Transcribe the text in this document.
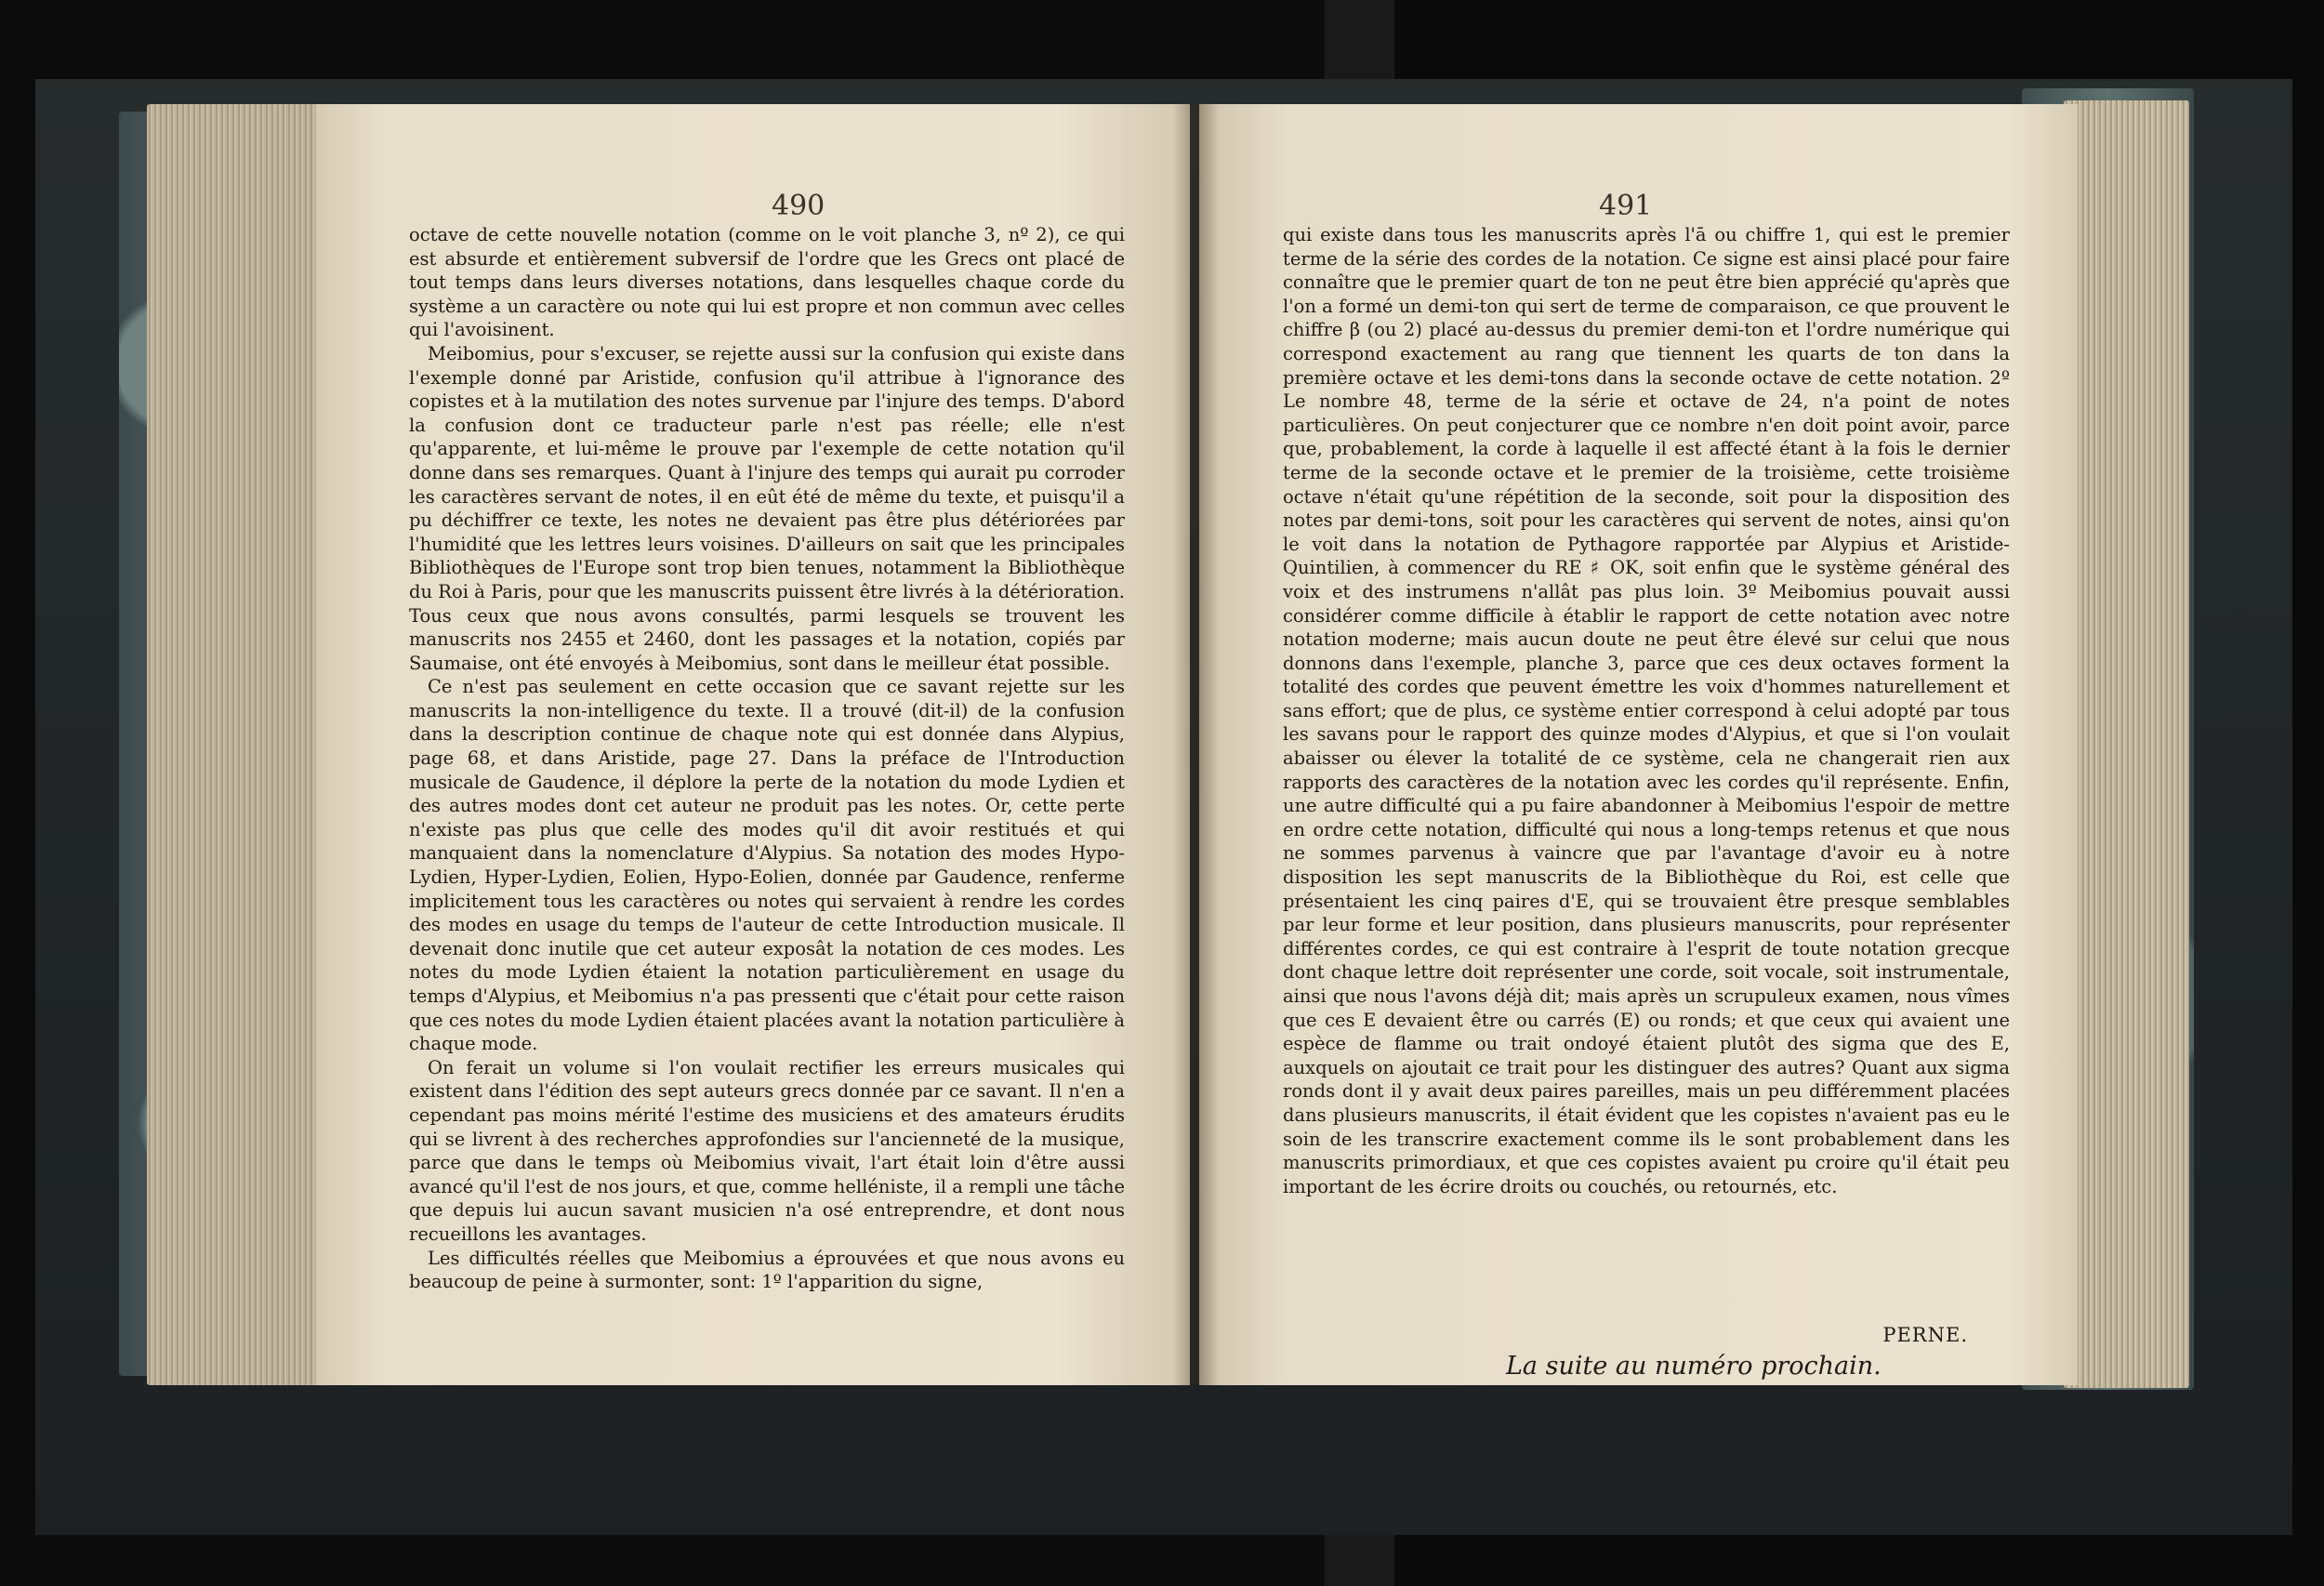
490

octave de cette nouvelle notation (comme on le voit planche 3, nº 2), ce qui est absurde et entièrement subversif de l'ordre que les Grecs ont placé de tout temps dans leurs diverses notations, dans lesquelles chaque corde du système a un caractère ou note qui lui est propre et non commun avec celles qui l'avoisinent.

Meibomius, pour s'excuser, se rejette aussi sur la confusion qui existe dans l'exemple donné par Aristide, confusion qu'il attribue à l'ignorance des copistes et à la mutilation des notes survenue par l'injure des temps. D'abord la confusion dont ce traducteur parle n'est pas réelle; elle n'est qu'apparente, et lui-même le prouve par l'exemple de cette notation qu'il donne dans ses remarques. Quant à l'injure des temps qui aurait pu corroder les caractères servant de notes, il en eût été de même du texte, et puisqu'il a pu déchiffrer ce texte, les notes ne devaient pas être plus détériorées par l'humidité que les lettres leurs voisines. D'ailleurs on sait que les principales Bibliothèques de l'Europe sont trop bien tenues, notamment la Bibliothèque du Roi à Paris, pour que les manuscrits puissent être livrés à la détérioration. Tous ceux que nous avons consultés, parmi lesquels se trouvent les manuscrits nos 2455 et 2460, dont les passages et la notation, copiés par Saumaise, ont été envoyés à Meibomius, sont dans le meilleur état possible.

Ce n'est pas seulement en cette occasion que ce savant rejette sur les manuscrits la non-intelligence du texte. Il a trouvé (dit-il) de la confusion dans la description continue de chaque note qui est donnée dans Alypius, page 68, et dans Aristide, page 27. Dans la préface de l'Introduction musicale de Gaudence, il déplore la perte de la notation du mode Lydien et des autres modes dont cet auteur ne produit pas les notes. Or, cette perte n'existe pas plus que celle des modes qu'il dit avoir restitués et qui manquaient dans la nomenclature d'Alypius. Sa notation des modes Hypo-Lydien, Hyper-Lydien, Eolien, Hypo-Eolien, donnée par Gaudence, renferme implicitement tous les caractères ou notes qui servaient à rendre les cordes des modes en usage du temps de l'auteur de cette Introduction musicale. Il devenait donc inutile que cet auteur exposât la notation de ces modes. Les notes du mode Lydien étaient la notation particulièrement en usage du temps d'Alypius, et Meibomius n'a pas pressenti que c'était pour cette raison que ces notes du mode Lydien étaient placées avant la notation particulière à chaque mode.

On ferait un volume si l'on voulait rectifier les erreurs musicales qui existent dans l'édition des sept auteurs grecs donnée par ce savant. Il n'en a cependant pas moins mérité l'estime des musiciens et des amateurs érudits qui se livrent à des recherches approfondies sur l'ancienneté de la musique, parce que dans le temps où Meibomius vivait, l'art était loin d'être aussi avancé qu'il l'est de nos jours, et que, comme helléniste, il a rempli une tâche que depuis lui aucun savant musicien n'a osé entreprendre, et dont nous recueillons les avantages.

Les difficultés réelles que Meibomius a éprouvées et que nous avons eu beaucoup de peine à surmonter, sont: 1º l'apparition du signe,

491

qui existe dans tous les manuscrits après l'ā ou chiffre 1, qui est le premier terme de la série des cordes de la notation. Ce signe est ainsi placé pour faire connaître que le premier quart de ton ne peut être bien apprécié qu'après que l'on a formé un demi-ton qui sert de terme de comparaison, ce que prouvent le chiffre β (ou 2) placé au-dessus du premier demi-ton et l'ordre numérique qui correspond exactement au rang que tiennent les quarts de ton dans la première octave et les demi-tons dans la seconde octave de cette notation. 2º Le nombre 48, terme de la série et octave de 24, n'a point de notes particulières. On peut conjecturer que ce nombre n'en doit point avoir, parce que, probablement, la corde à laquelle il est affecté étant à la fois le dernier terme de la seconde octave et le premier de la troisième, cette troisième octave n'était qu'une répétition de la seconde, soit pour la disposition des notes par demi-tons, soit pour les caractères qui servent de notes, ainsi qu'on le voit dans la notation de Pythagore rapportée par Alypius et Aristide-Quintilien, à commencer du RE ♯ OK, soit enfin que le système général des voix et des instrumens n'allât pas plus loin. 3º Meibomius pouvait aussi considérer comme difficile à établir le rapport de cette notation avec notre notation moderne; mais aucun doute ne peut être élevé sur celui que nous donnons dans l'exemple, planche 3, parce que ces deux octaves forment la totalité des cordes que peuvent émettre les voix d'hommes naturellement et sans effort; que de plus, ce système entier correspond à celui adopté par tous les savans pour le rapport des quinze modes d'Alypius, et que si l'on voulait abaisser ou élever la totalité de ce système, cela ne changerait rien aux rapports des caractères de la notation avec les cordes qu'il représente. Enfin, une autre difficulté qui a pu faire abandonner à Meibomius l'espoir de mettre en ordre cette notation, difficulté qui nous a long-temps retenus et que nous ne sommes parvenus à vaincre que par l'avantage d'avoir eu à notre disposition les sept manuscrits de la Bibliothèque du Roi, est celle que présentaient les cinq paires d'E, qui se trouvaient être presque semblables par leur forme et leur position, dans plusieurs manuscrits, pour représenter différentes cordes, ce qui est contraire à l'esprit de toute notation grecque dont chaque lettre doit représenter une corde, soit vocale, soit instrumentale, ainsi que nous l'avons déjà dit; mais après un scrupuleux examen, nous vîmes que ces E devaient être ou carrés (E) ou ronds; et que ceux qui avaient une espèce de flamme ou trait ondoyé étaient plutôt des sigma que des E, auxquels on ajoutait ce trait pour les distinguer des autres? Quant aux sigma ronds dont il y avait deux paires pareilles, mais un peu différemment placées dans plusieurs manuscrits, il était évident que les copistes n'avaient pas eu le soin de les transcrire exactement comme ils le sont probablement dans les manuscrits primordiaux, et que ces copistes avaient pu croire qu'il était peu important de les écrire droits ou couchés, ou retournés, etc.

PERNE.
La suite au numéro prochain.
